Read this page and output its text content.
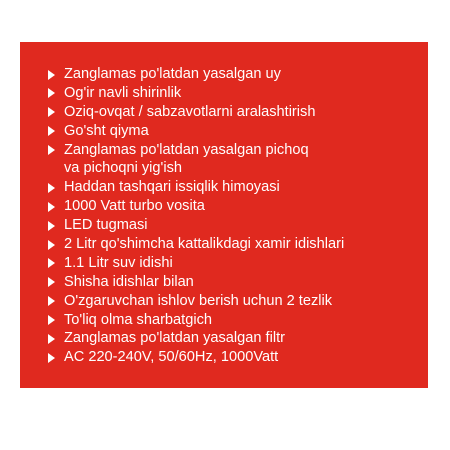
Zanglamas po'latdan yasalgan uy
Og'ir navli shirinlik
Oziq-ovqat / sabzavotlarni aralashtirish
Go'sht qiyma
Zanglamas po'latdan yasalgan pichoq
va pichoqni yig'ish
Haddan tashqari issiqlik himoyasi
1000 Vatt turbo vosita
LED tugmasi
2 Litr qo'shimcha kattalikdagi xamir idishlari
1.1 Litr suv idishi
Shisha idishlar bilan
O'zgaruvchan ishlov berish uchun 2 tezlik
To'liq olma sharbatgich
Zanglamas po'latdan yasalgan filtr
AC 220-240V, 50/60Hz, 1000Vatt
